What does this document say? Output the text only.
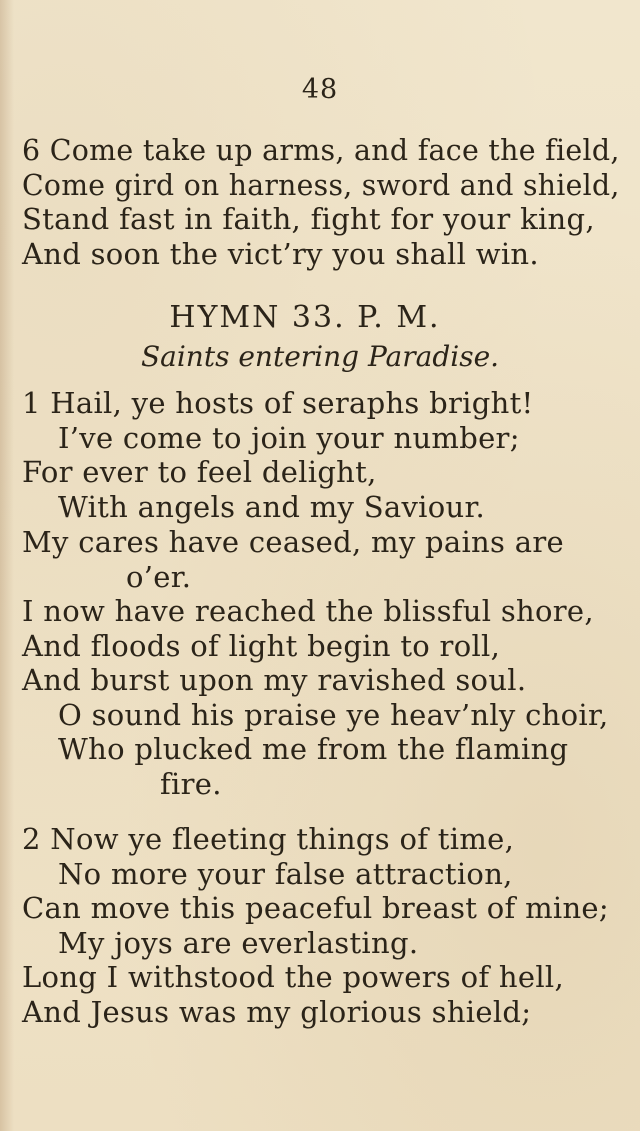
48
6 Come take up arms, and face the field,
Come gird on harness, sword and shield,
Stand fast in faith, fight for your king,
And soon the vict’ry you shall win.
HYMN 33. P. M.
Saints entering Paradise.
1 Hail, ye hosts of seraphs bright!
I’ve come to join your number;
For ever to feel delight,
With angels and my Saviour.
My cares have ceased, my pains are
o’er.
I now have reached the blissful shore,
And floods of light begin to roll,
And burst upon my ravished soul.
O sound his praise ye heav’nly choir,
Who plucked me from the flaming
fire.
2 Now ye fleeting things of time,
No more your false attraction,
Can move this peaceful breast of mine;
My joys are everlasting.
Long I withstood the powers of hell,
And Jesus was my glorious shield;
